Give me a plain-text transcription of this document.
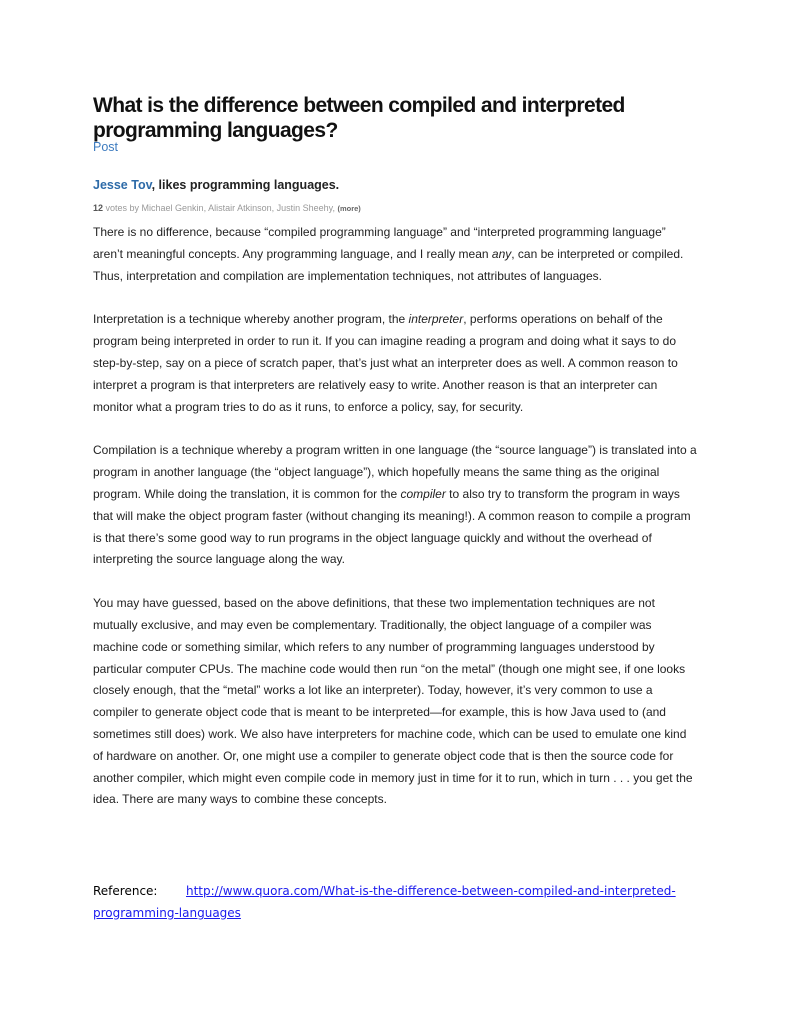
What is the difference between compiled and interpreted programming languages?
Post
Jesse Tov, likes programming languages.
12 votes by Michael Genkin, Alistair Atkinson, Justin Sheehy, (more)

There is no difference, because “compiled programming language” and “interpreted programming language” aren’t meaningful concepts. Any programming language, and I really mean any, can be interpreted or compiled. Thus, interpretation and compilation are implementation techniques, not attributes of languages.

Interpretation is a technique whereby another program, the interpreter, performs operations on behalf of the program being interpreted in order to run it. If you can imagine reading a program and doing what it says to do step-by-step, say on a piece of scratch paper, that’s just what an interpreter does as well. A common reason to interpret a program is that interpreters are relatively easy to write. Another reason is that an interpreter can monitor what a program tries to do as it runs, to enforce a policy, say, for security.

Compilation is a technique whereby a program written in one language (the “source language”) is translated into a program in another language (the “object language”), which hopefully means the same thing as the original program. While doing the translation, it is common for the compiler to also try to transform the program in ways that will make the object program faster (without changing its meaning!). A common reason to compile a program is that there’s some good way to run programs in the object language quickly and without the overhead of interpreting the source language along the way.

You may have guessed, based on the above definitions, that these two implementation techniques are not mutually exclusive, and may even be complementary. Traditionally, the object language of a compiler was machine code or something similar, which refers to any number of programming languages understood by particular computer CPUs. The machine code would then run “on the metal” (though one might see, if one looks closely enough, that the “metal” works a lot like an interpreter). Today, however, it’s very common to use a compiler to generate object code that is meant to be interpreted—for example, this is how Java used to (and sometimes still does) work. We also have interpreters for machine code, which can be used to emulate one kind of hardware on another. Or, one might use a compiler to generate object code that is then the source code for another compiler, which might even compile code in memory just in time for it to run, which in turn . . . you get the idea. There are many ways to combine these concepts.

Reference: http://www.quora.com/What-is-the-difference-between-compiled-and-interpreted-programming-languages
